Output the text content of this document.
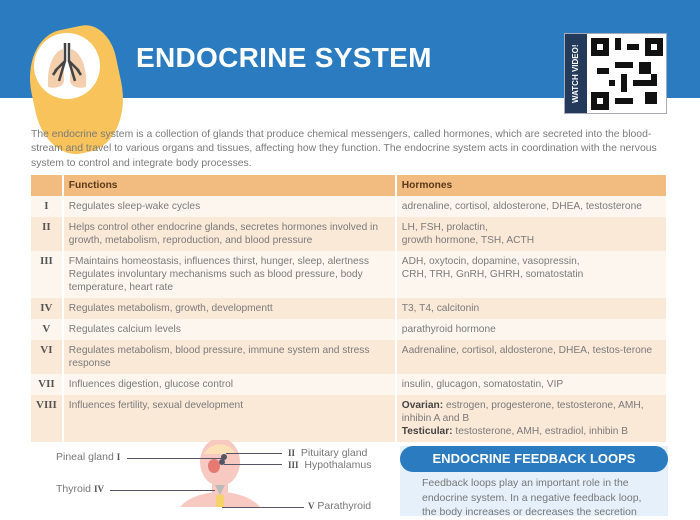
ENDOCRINE SYSTEM	WATCH VIDEO!

The endocrine system is a collection of glands that produce chemical messengers, called hormones, which are secreted into the blood-stream and travel to various organs and tissues, affecting how they function. The endocrine system acts in coordination with the nervous system to control and integrate body processes.

	Functions	Hormones
I	Regulates sleep-wake cycles	adrenaline, cortisol, aldosterone, DHEA, testosterone
II	Helps control other endocrine glands, secretes hormones involved in growth, metabolism, reproduction, and blood pressure	LH, FSH, prolactin,
growth hormone, TSH, ACTH
III	FMaintains homeostasis, influences thirst, hunger, sleep, alertness Regulates involuntary mechanisms such as blood pressure, body temperature, heart rate	ADH, oxytocin, dopamine, vasopressin,
CRH, TRH, GnRH, GHRH, somatostatin
IV	Regulates metabolism, growth, developmentt	T3, T4, calcitonin
V	Regulates calcium levels	parathyroid hormone
VI	Regulates metabolism, blood pressure, immune system and stress response	Aadrenaline, cortisol, aldosterone, DHEA, testos-terone
VII	Influences digestion, glucose control	insulin, glucagon, somatostatin, VIP
VIII	Influences fertility, sexual development	Ovarian: estrogen, progesterone, testosterone, AMH, inhibin A and B
Testicular: testosterone, AMH, estradiol, inhibin B
Pineal gland I	II Pituitary gland
III Hypothalamus
Thyroid IV
V Parathyroid
ENDOCRINE FEEDBACK LOOPS

Feedback loops play an important role in the endocrine system. In a negative feedback loop, the body increases or decreases the secretion
